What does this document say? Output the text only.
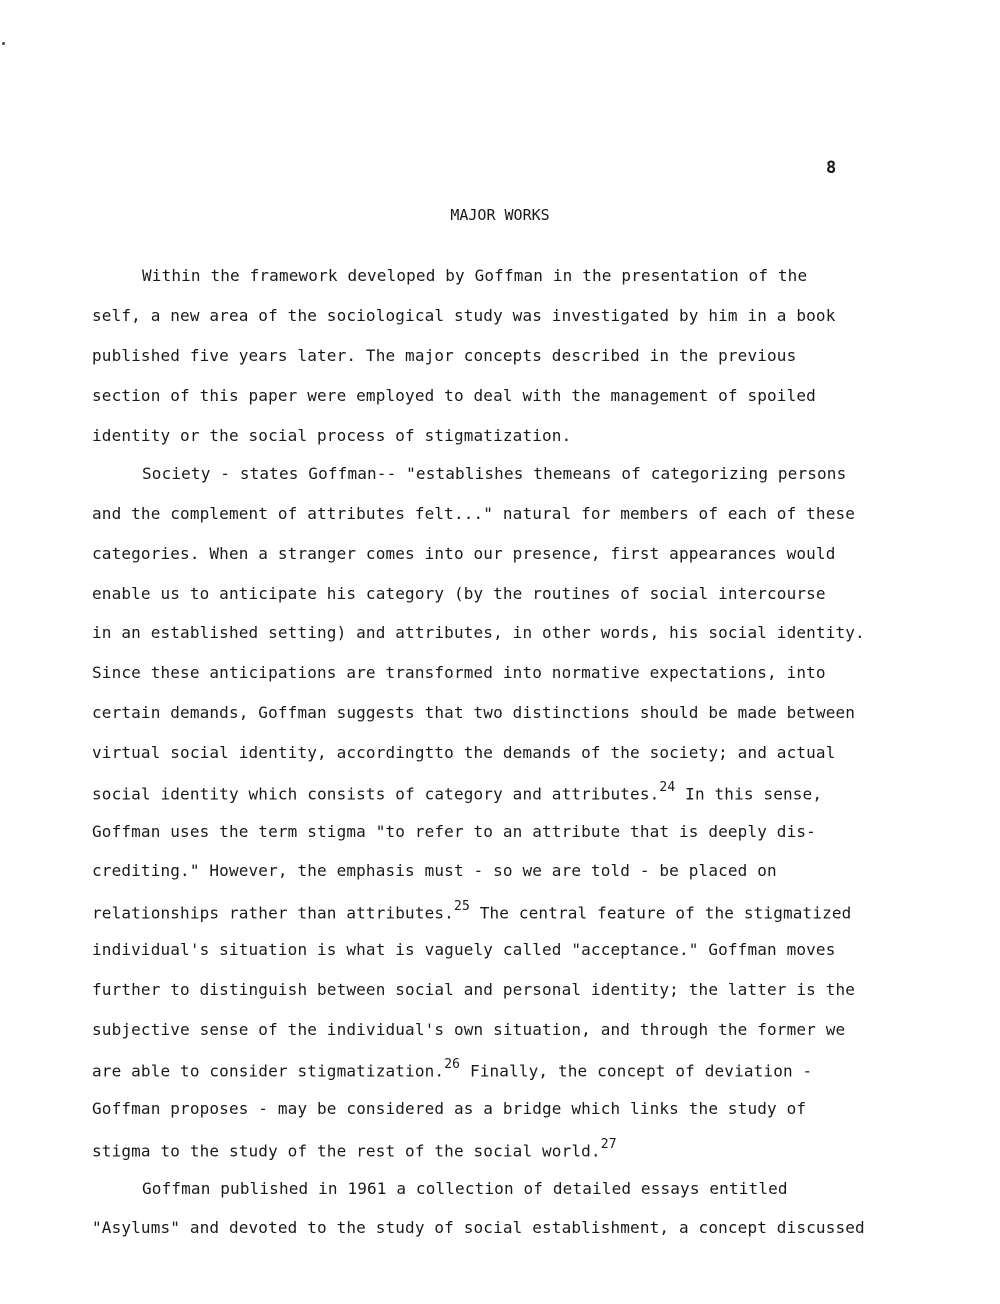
8
MAJOR WORKS
Within the framework developed by Goffman in the presentation of the
self, a new area of the sociological study was investigated by him in a book
published five years later. The major concepts described in the previous
section of this paper were employed to deal with the management of spoiled
identity or the social process of stigmatization.
Society - states Goffman-- "establishes themeans of categorizing persons
and the complement of attributes felt..." natural for members of each of these
categories. When a stranger comes into our presence, first appearances would
enable us to anticipate his category (by the routines of social intercourse
in an established setting) and attributes, in other words, his social identity.
Since these anticipations are transformed into normative expectations, into
certain demands, Goffman suggests that two distinctions should be made between
virtual social identity, accordingtto the demands of the society; and actual
social identity which consists of category and attributes.$^{24}$ In this sense,
Goffman uses the term stigma "to refer to an attribute that is deeply dis-
crediting." However, the emphasis must - so we are told - be placed on
relationships rather than attributes.$^{25}$ The central feature of the stigmatized
individual's situation is what is vaguely called "acceptance." Goffman moves
further to distinguish between social and personal identity; the latter is the
subjective sense of the individual's own situation, and through the former we
are able to consider stigmatization.$^{26}$ Finally, the concept of deviation -
Goffman proposes - may be considered as a bridge which links the study of
stigma to the study of the rest of the social world.$^{27}$
Goffman published in 1961 a collection of detailed essays entitled
"Asylums" and devoted to the study of social establishment, a concept discussed
